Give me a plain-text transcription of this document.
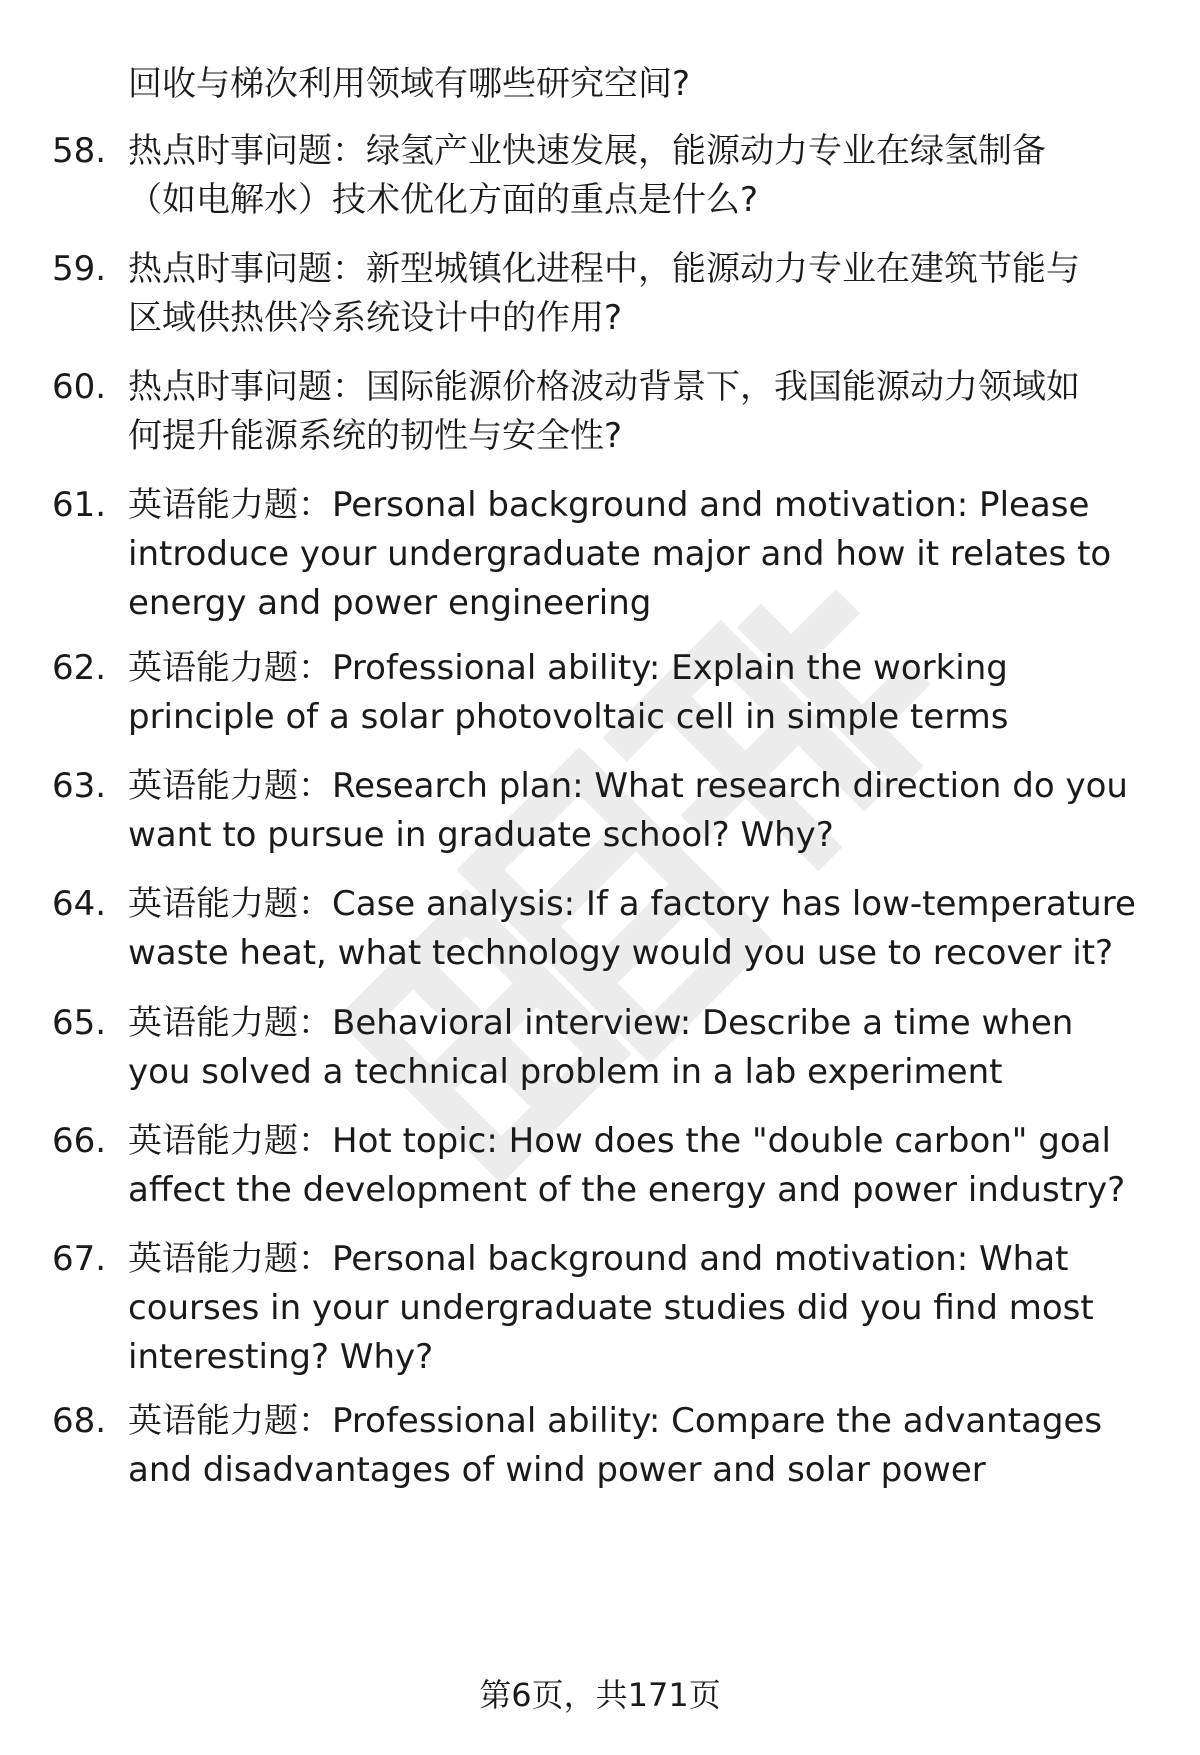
回收与梯次利用领域有哪些研究空间?
58. 热点时事问题：绿氢产业快速发展，能源动力专业在绿氢制备
（如电解水）技术优化方面的重点是什么?
59. 热点时事问题：新型城镇化进程中，能源动力专业在建筑节能与
区域供热供冷系统设计中的作用?
60. 热点时事问题：国际能源价格波动背景下，我国能源动力领域如
何提升能源系统的韧性与安全性?
61. 英语能力题：Personal background and motivation: Please
introduce your undergraduate major and how it relates to
energy and power engineering
62. 英语能力题：Professional ability: Explain the working
principle of a solar photovoltaic cell in simple terms
63. 英语能力题：Research plan: What research direction do you
want to pursue in graduate school? Why?
64. 英语能力题：Case analysis: If a factory has low-temperature
waste heat, what technology would you use to recover it?
65. 英语能力题：Behavioral interview: Describe a time when
you solved a technical problem in a lab experiment
66. 英语能力题：Hot topic: How does the "double carbon" goal
affect the development of the energy and power industry?
67. 英语能力题：Personal background and motivation: What
courses in your undergraduate studies did you find most
interesting? Why?
68. 英语能力题：Professional ability: Compare the advantages
and disadvantages of wind power and solar power
第6页，共171页
